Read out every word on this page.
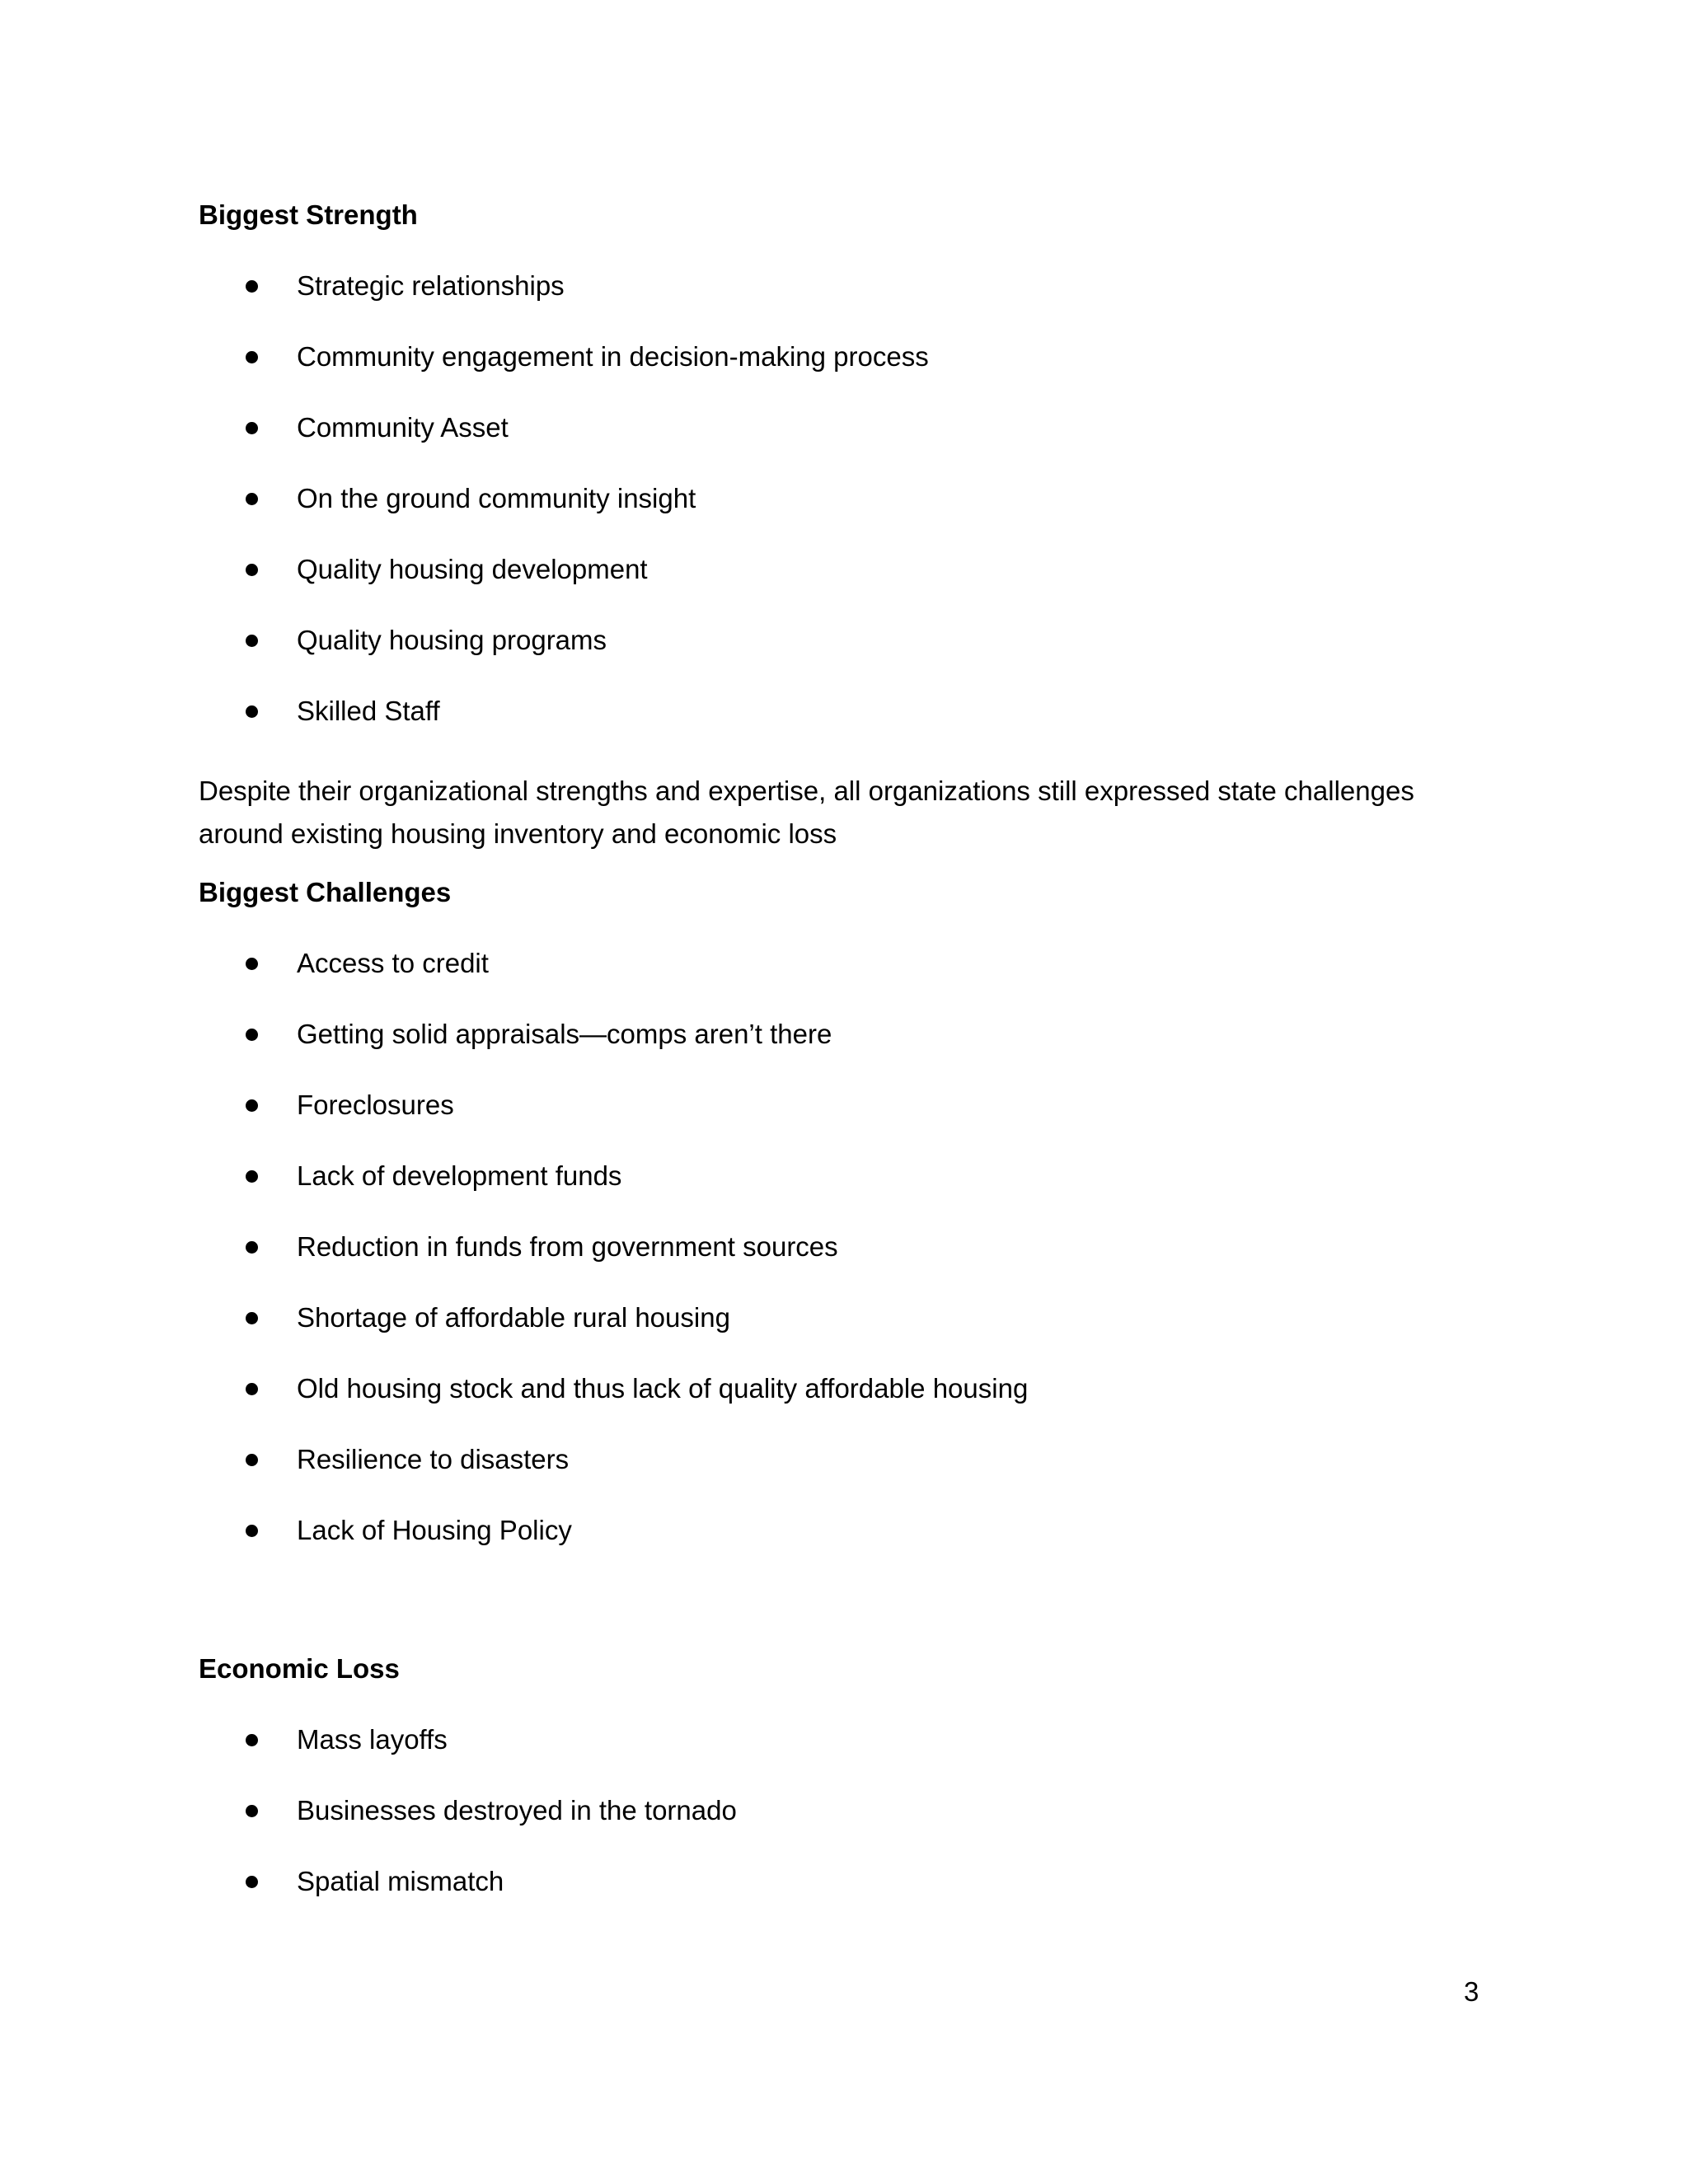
Biggest Strength
Strategic relationships
Community engagement in decision-making process
Community Asset
On the ground community insight
Quality housing development
Quality housing programs
Skilled Staff
Despite their organizational strengths and expertise, all organizations still expressed state challenges
around existing housing inventory and economic loss
Biggest Challenges
Access to credit
Getting solid appraisals—comps aren’t there
Foreclosures
Lack of development funds
Reduction in funds from government sources
Shortage of affordable rural housing
Old housing stock and thus lack of quality affordable housing
Resilience to disasters
Lack of Housing Policy
Economic Loss
Mass layoffs
Businesses destroyed in the tornado
Spatial mismatch
3
